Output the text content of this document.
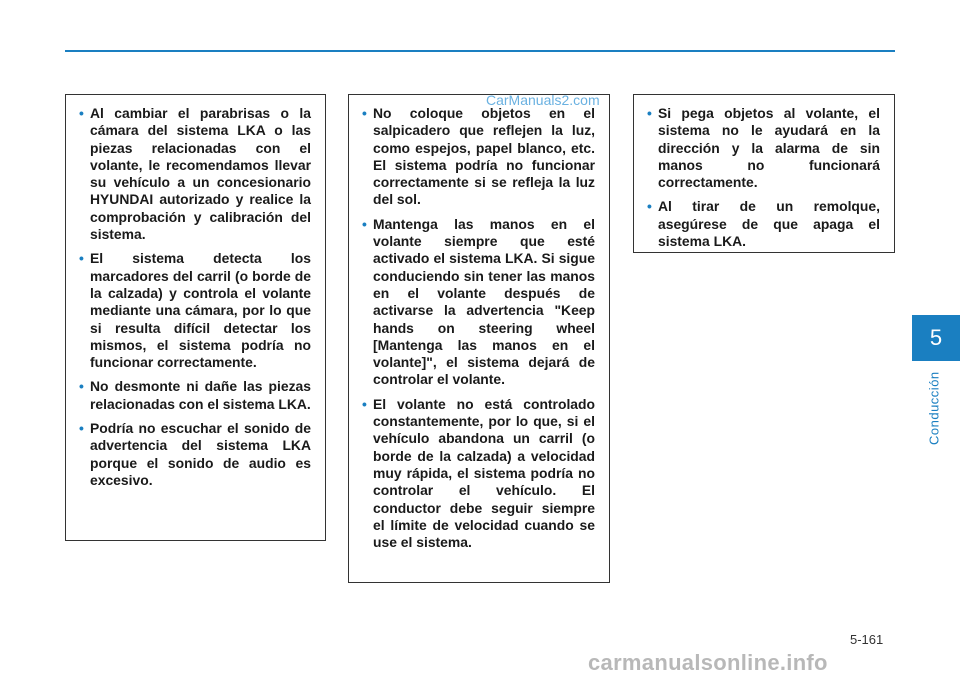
• Al cambiar el parabrisas o la cámara del sistema LKA o las piezas relacionadas con el volante, le recomendamos llevar su vehículo a un concesionario HYUNDAI autorizado y realice la comprobación y calibración del sistema.
• El sistema detecta los marcadores del carril (o borde de la calzada) y controla el volante mediante una cámara, por lo que si resulta difícil detectar los mismos, el sistema podría no funcionar correctamente.
• No desmonte ni dañe las piezas relacionadas con el sistema LKA.
• Podría no escuchar el sonido de advertencia del sistema LKA porque el sonido de audio es excesivo.
• No coloque objetos en el salpicadero que reflejen la luz, como espejos, papel blanco, etc. El sistema podría no funcionar correctamente si se refleja la luz del sol.
• Mantenga las manos en el volante siempre que esté activado el sistema LKA. Si sigue conduciendo sin tener las manos en el volante después de activarse la advertencia "Keep hands on steering wheel [Mantenga las manos en el volante]", el sistema dejará de controlar el volante.
• El volante no está controlado constantemente, por lo que, si el vehículo abandona un carril (o borde de la calzada) a velocidad muy rápida, el sistema podría no controlar el vehículo. El conductor debe seguir siempre el límite de velocidad cuando se use el sistema.
• Si pega objetos al volante, el sistema no le ayudará en la dirección y la alarma de sin manos no funcionará correctamente.
• Al tirar de un remolque, asegúrese de que apaga el sistema LKA.
CarManuals2.com
5
Conducción
5-161
carmanualsonline.info
